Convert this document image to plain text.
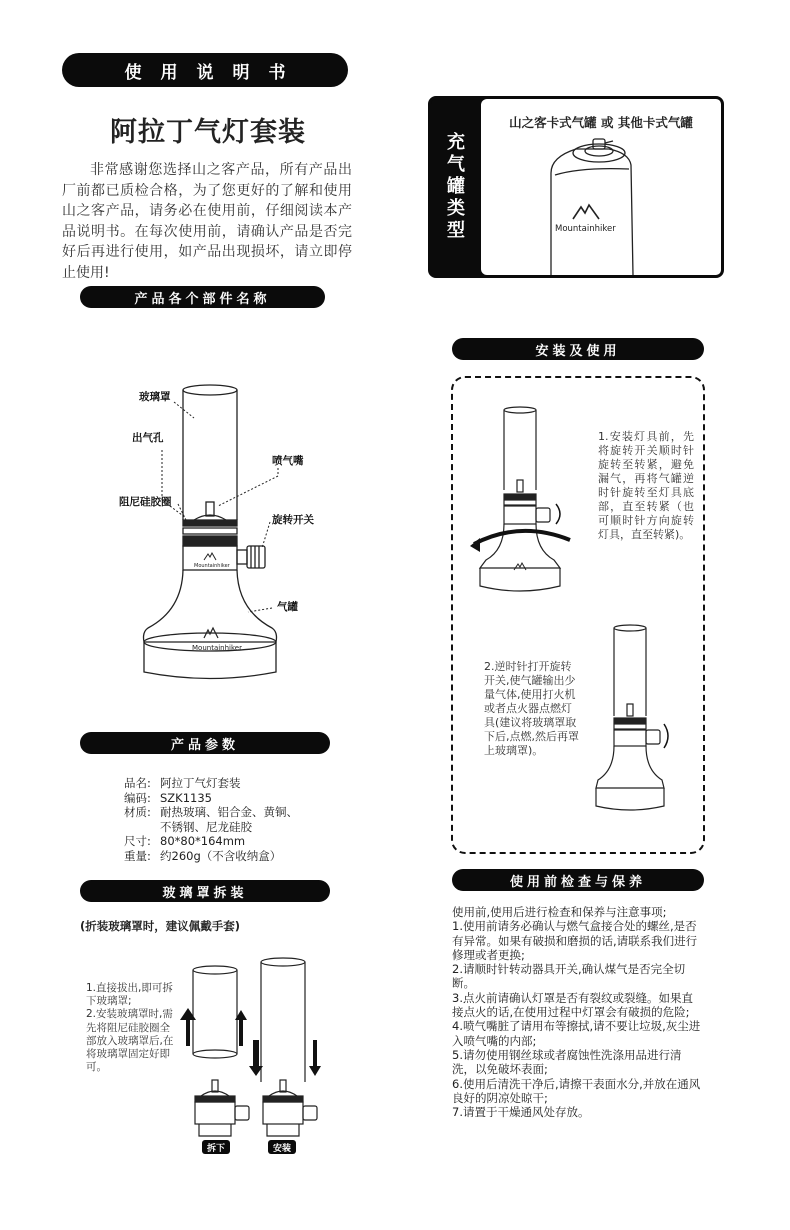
使用说明书
阿拉丁气灯套装

非常感谢您选择山之客产品，所有产品出厂前都已质检合格，为了您更好的了解和使用山之客产品，请务必在使用前，仔细阅读本产品说明书。在每次使用前，请确认产品是否完好后再进行使用，如产品出现损坏，请立即停止使用!

充
气
罐
类
型
山之客卡式气罐 或 其他卡式气罐
Mountainhiker
产品各个部件名称
Mountainhiker
Mountainhiker
玻璃罩
出气孔
喷气嘴
阻尼硅胶圈
旋转开关
气罐
产品参数
品名: 阿拉丁气灯套装
编码: SZK1135
材质: 耐热玻璃、铝合金、黄铜、
不锈钢、尼龙硅胶
尺寸: 80*80*164mm
重量: 约260g（不含收纳盒）
玻璃罩拆装
(折装玻璃罩时，建议佩戴手套)
1.直接拔出,即可拆下玻璃罩;
2.安装玻璃罩时,需先将阻尼硅胶圈全部放入玻璃罩后,在将玻璃罩固定好即可。
拆下	安装
安装及使用
1.安装灯具前，先将旋转开关顺时针旋转至转紧，避免漏气，再将气罐逆时针旋转至灯具底部，直至转紧（也可顺时针方向旋转灯具，直至转紧)。
2.逆时针打开旋转开关,使气罐输出少量气体,使用打火机或者点火器点燃灯具(建议将玻璃罩取下后,点燃,然后再罩上玻璃罩)。
使用前检查与保养
使用前,使用后进行检查和保养与注意事项;
1.使用前请务必确认与燃气盒接合处的螺丝,是否有异常。如果有破损和磨损的话,请联系我们进行修理或者更换;
2.请顺时针转动器具开关,确认煤气是否完全切断。
3.点火前请确认灯罩是否有裂纹或裂缝。如果直接点火的话,在使用过程中灯罩会有破损的危险;
4.喷气嘴脏了请用布等擦拭,请不要让垃圾,灰尘进入喷气嘴的内部;
5.请勿使用钢丝球或者腐蚀性洗涤用品进行清洗，以免破坏表面;
6.使用后清洗干净后,请擦干表面水分,并放在通风良好的阴凉处晾干;
7.请置于干燥通风处存放。
